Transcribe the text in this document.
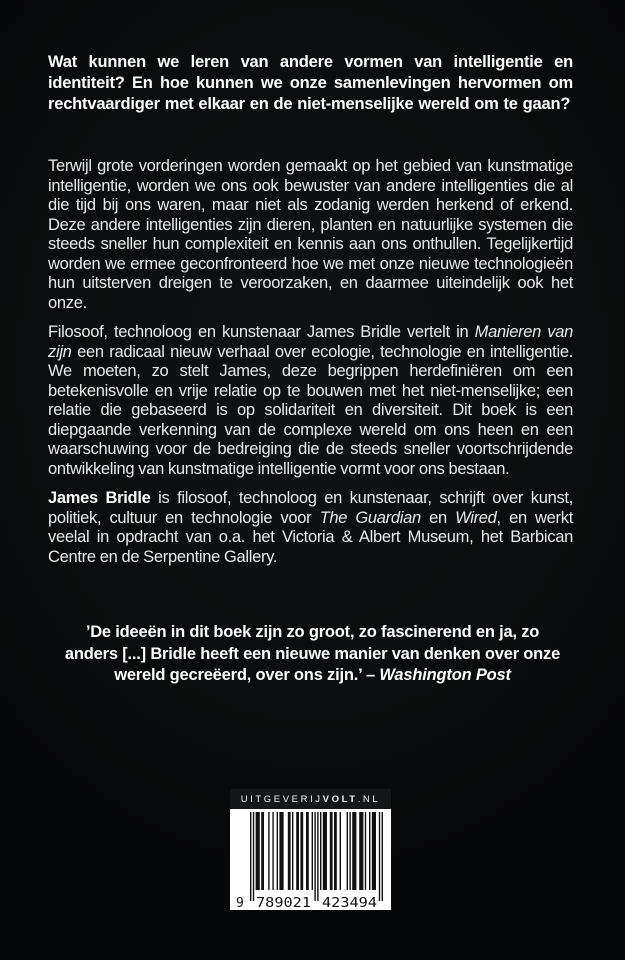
Wat kunnen we leren van andere vormen van intelligentie en identiteit? En hoe kunnen we onze samenlevingen hervormen om rechtvaardiger met elkaar en de niet-menselijke wereld om te gaan?

Terwijl grote vorderingen worden gemaakt op het gebied van kunstmatige intelligentie, worden we ons ook bewuster van andere intelligenties die al die tijd bij ons waren, maar niet als zodanig werden herkend of erkend. Deze andere intelligenties zijn dieren, planten en natuurlijke systemen die steeds sneller hun complexiteit en kennis aan ons onthullen. Tegelijkertijd worden we ermee geconfronteerd hoe we met onze nieuwe technologieën hun uitsterven dreigen te veroorzaken, en daarmee uiteindelijk ook het onze.

Filosoof, technoloog en kunstenaar James Bridle vertelt in Manieren van zijn een radicaal nieuw verhaal over ecologie, technologie en intelligentie. We moeten, zo stelt James, deze begrippen herdefiniëren om een betekenisvolle en vrije relatie op te bouwen met het niet-menselijke; een relatie die gebaseerd is op solidariteit en diversiteit. Dit boek is een diepgaande verkenning van de complexe wereld om ons heen en een waarschuwing voor de bedreiging die de steeds sneller voortschrijdende ontwikkeling van kunstmatige intelligentie vormt voor ons bestaan.

James Bridle is filosoof, technoloog en kunstenaar, schrijft over kunst, politiek, cultuur en technologie voor The Guardian en Wired, en werkt veelal in opdracht van o.a. het Victoria & Albert Museum, het Barbican Centre en de Serpentine Gallery.

’De ideeën in dit boek zijn zo groot, zo fascinerend en ja, zo anders [...] Bridle heeft een nieuwe manier van denken over onze wereld gecreëerd, over ons zijn.’ – Washington Post
UITGEVERIJ VOLT .NL
9 789021 423494
